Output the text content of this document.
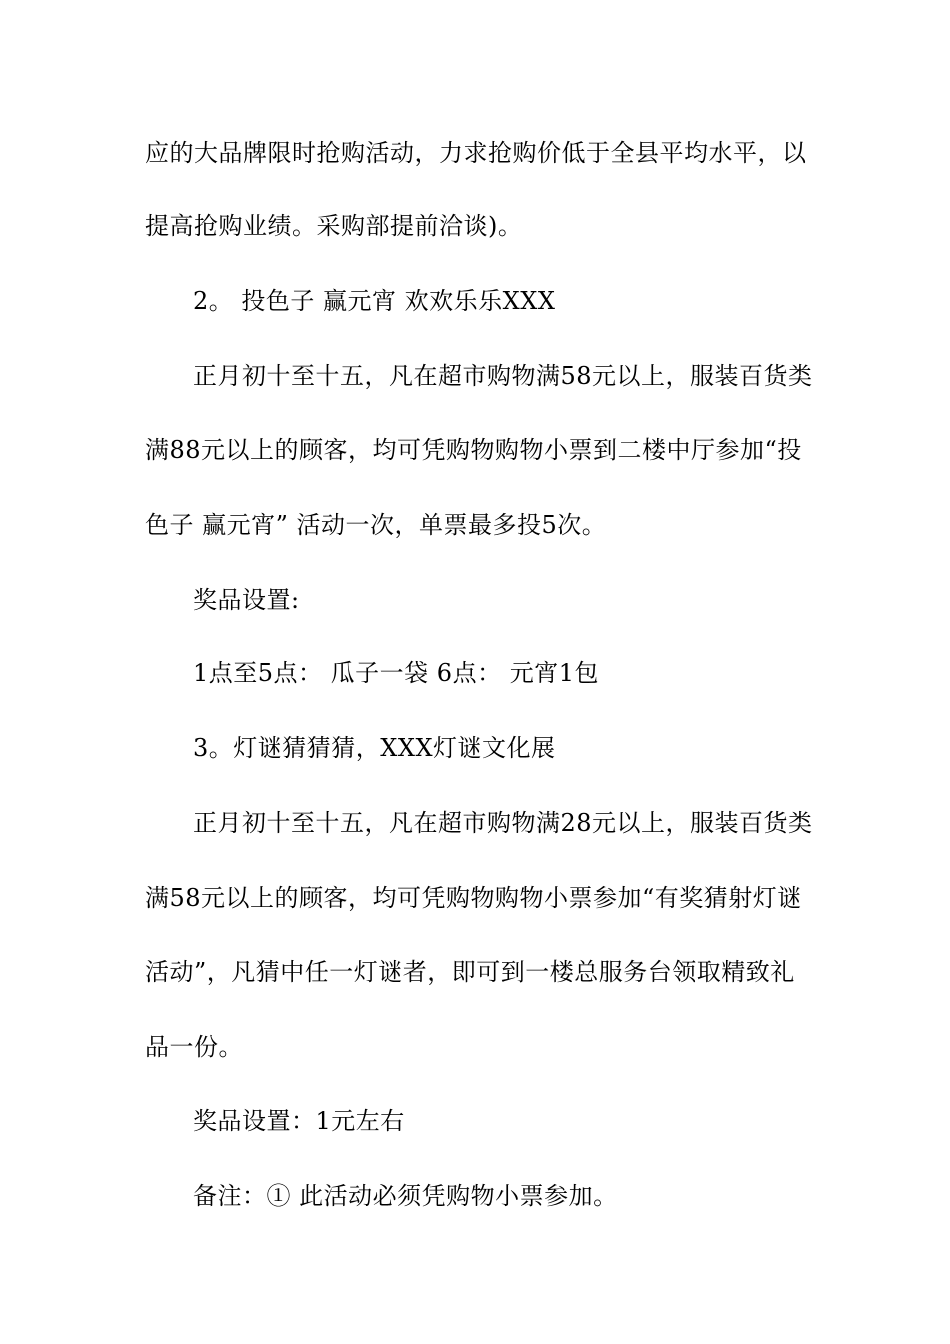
应的大品牌限时抢购活动，力求抢购价低于全县平均水平，以
提高抢购业绩。采购部提前洽谈)。
2。 投色子 赢元宵 欢欢乐乐XXX
正月初十至十五，凡在超市购物满58元以上，服装百货类
满88元以上的顾客，均可凭购物购物小票到二楼中厅参加“投
色子 赢元宵” 活动一次，单票最多投5次。
奖品设置:
1点至5点： 瓜子一袋 6点： 元宵1包
3。灯谜猜猜猜，XXX灯谜文化展
正月初十至十五，凡在超市购物满28元以上，服装百货类
满58元以上的顾客，均可凭购物购物小票参加“有奖猜射灯谜
活动”，凡猜中任一灯谜者，即可到一楼总服务台领取精致礼
品一份。
奖品设置：1元左右
备注：① 此活动必须凭购物小票参加。
